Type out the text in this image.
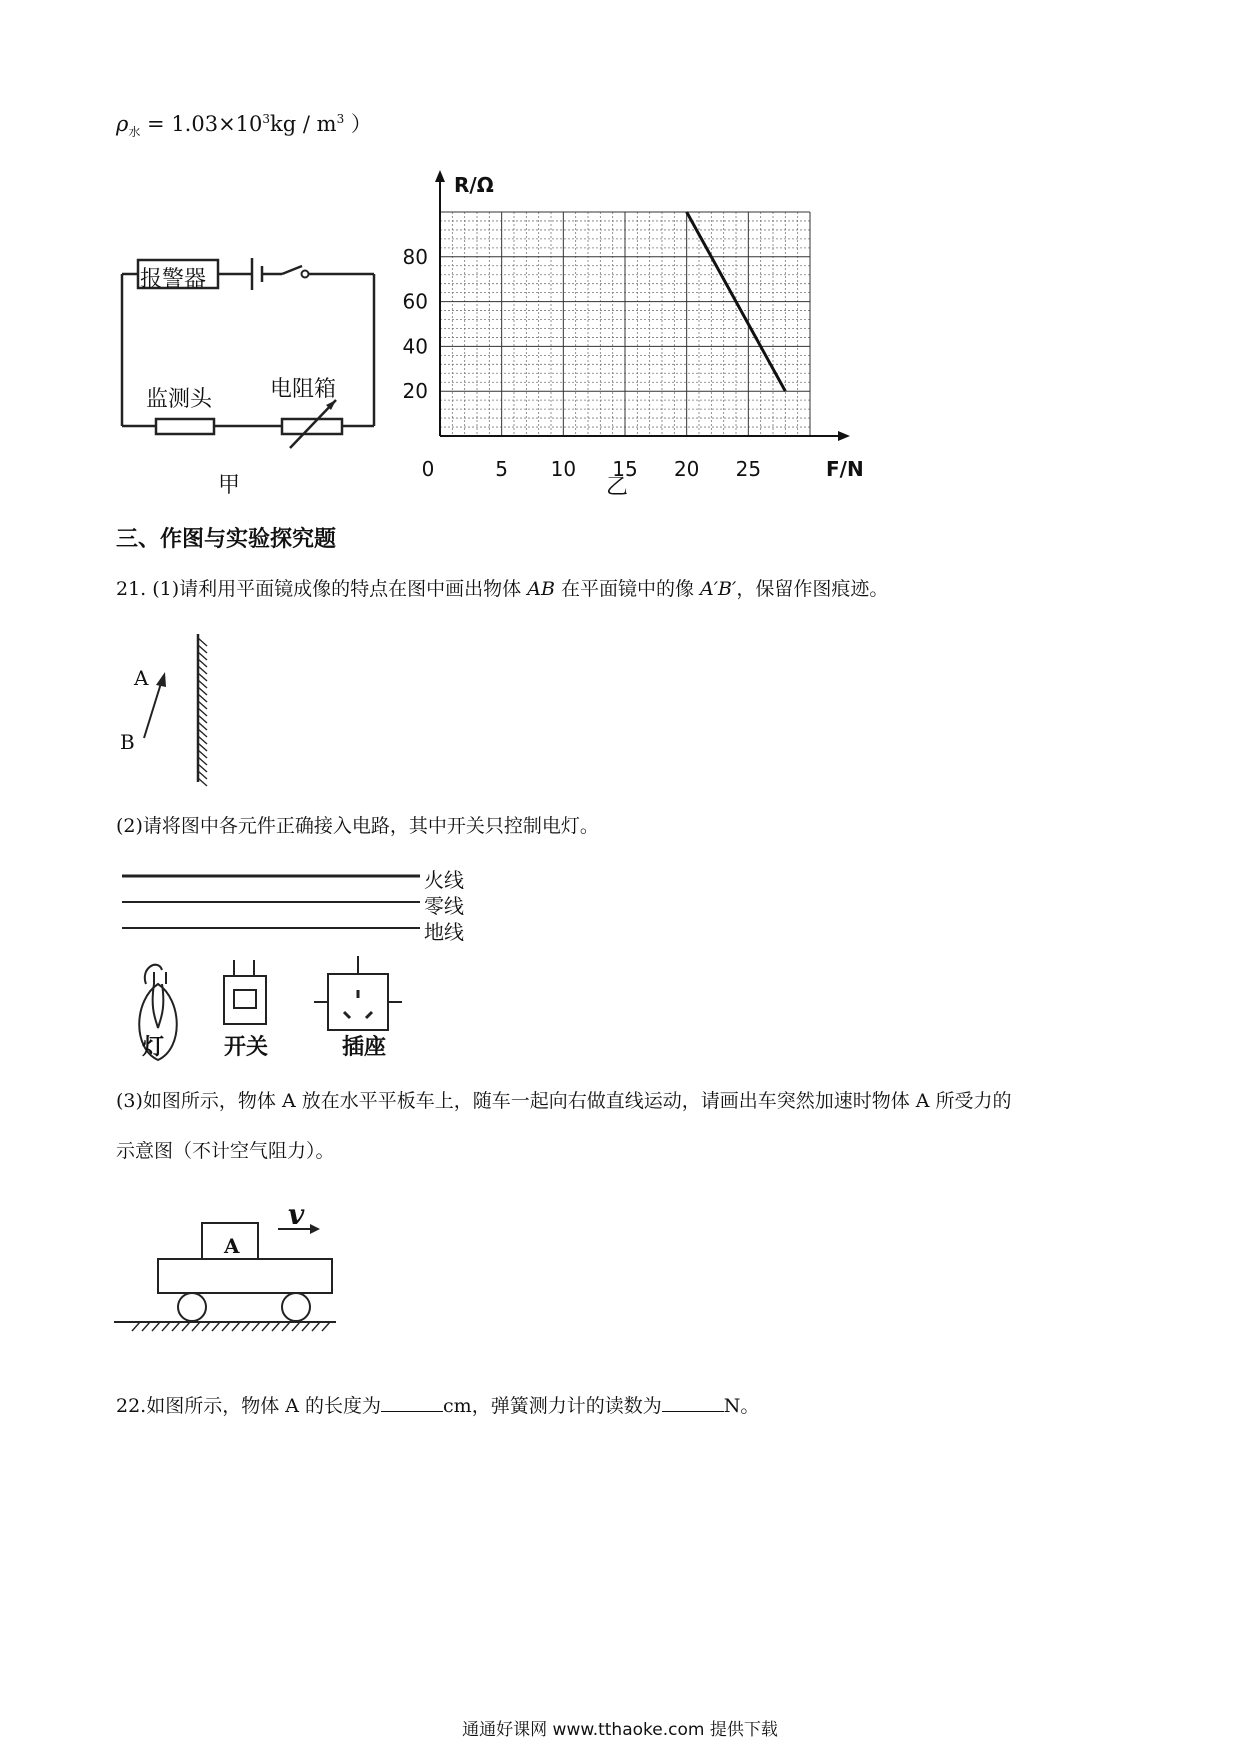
$\rho_水 = 1.03\times 10^3kg / m^3$ ）
报警器
监测头	电阻箱
甲
R/Ω
F/N
0	5 10 15 20 25
80
60
40
20
乙
三、作图与实验探究题
21. (1)请利用平面镜成像的特点在图中画出物体 AB 在平面镜中的像 A′B′，保留作图痕迹。
A
B
(2)请将图中各元件正确接入电路，其中开关只控制电灯。
火线
零线
地线
灯	开关	插座
(3)如图所示，物体 A 放在水平平板车上，随车一起向右做直线运动，请画出车突然加速时物体 A 所受力的
示意图（不计空气阻力）。
A
v
22.如图所示，物体 A 的长度为	cm，弹簧测力计的读数为	N。
通通好课网 www.tthaoke.com 提供下载
